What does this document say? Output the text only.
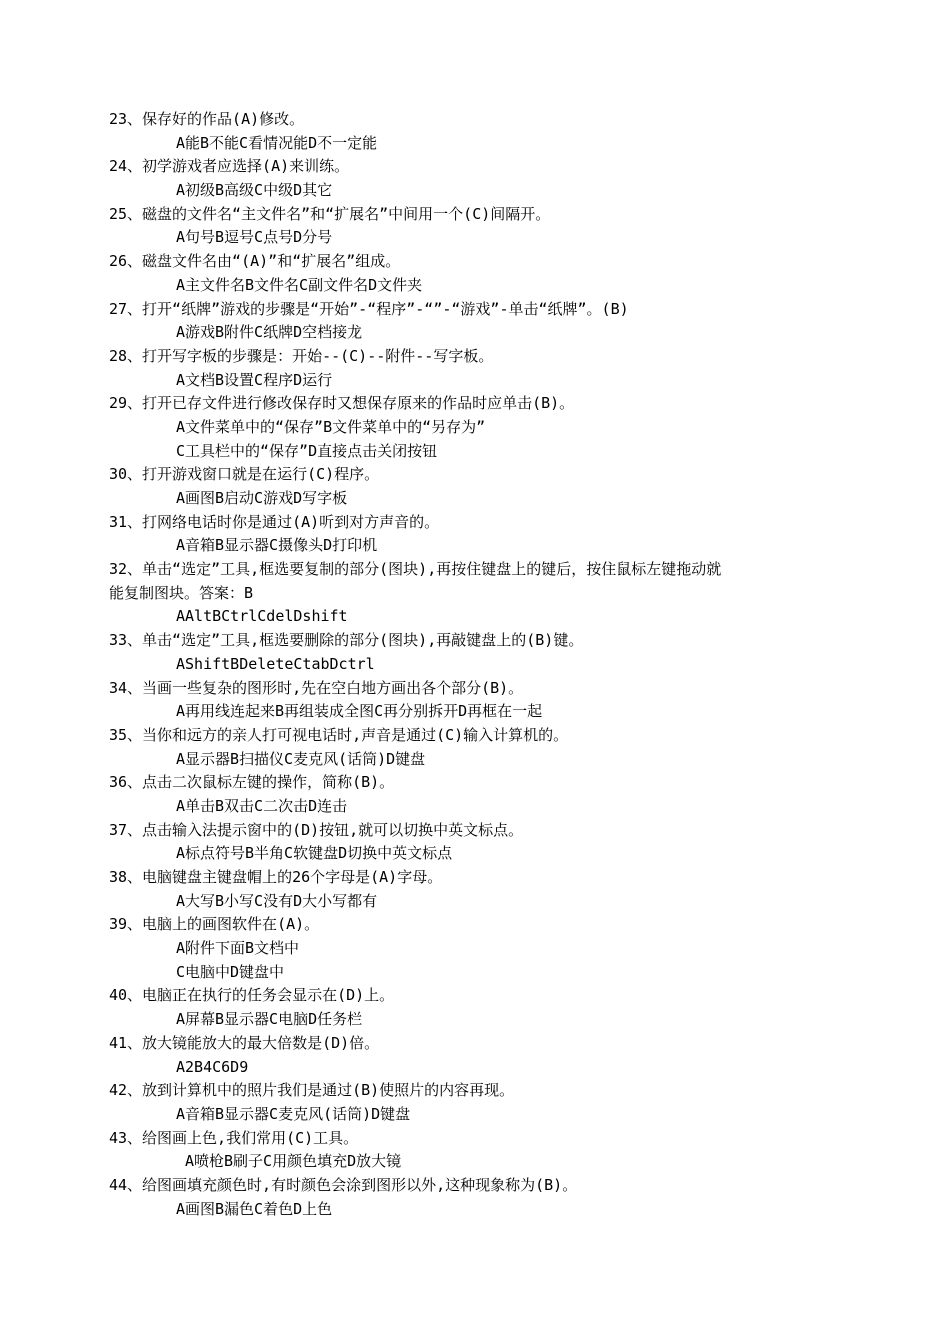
23、保存好的作品(A)修改。
A能B不能C看情况能D不一定能
24、初学游戏者应选择(A)来训练。
A初级B高级C中级D其它
25、磁盘的文件名“主文件名”和“扩展名”中间用一个(C)间隔开。
A句号B逗号C点号D分号
26、磁盘文件名由“(A)”和“扩展名”组成。
A主文件名B文件名C副文件名D文件夹
27、打开“纸牌”游戏的步骤是“开始”-“程序”-“”-“游戏”-单击“纸牌”。(B)
A游戏B附件C纸牌D空档接龙
28、打开写字板的步骤是：开始--(C)--附件--写字板。
A文档B设置C程序D运行
29、打开已存文件进行修改保存时又想保存原来的作品时应单击(B)。
A文件菜单中的“保存”B文件菜单中的“另存为”
C工具栏中的“保存”D直接点击关闭按钮
30、打开游戏窗口就是在运行(C)程序。
A画图B启动C游戏D写字板
31、打网络电话时你是通过(A)听到对方声音的。
A音箱B显示器C摄像头D打印机
32、单击“选定”工具,框选要复制的部分(图块),再按住键盘上的键后，按住鼠标左键拖动就
能复制图块。答案：B
AAltBCtrlCdelDshift
33、单击“选定”工具,框选要删除的部分(图块),再敲键盘上的(B)键。
AShiftBDeleteCtabDctrl
34、当画一些复杂的图形时,先在空白地方画出各个部分(B)。
A再用线连起来B再组装成全图C再分别拆开D再框在一起
35、当你和远方的亲人打可视电话时,声音是通过(C)输入计算机的。
A显示器B扫描仪C麦克风(话筒)D键盘
36、点击二次鼠标左键的操作，简称(B)。
A单击B双击C二次击D连击
37、点击输入法提示窗中的(D)按钮,就可以切换中英文标点。
A标点符号B半角C软键盘D切换中英文标点
38、电脑键盘主键盘帽上的26个字母是(A)字母。
A大写B小写C没有D大小写都有
39、电脑上的画图软件在(A)。
A附件下面B文档中
C电脑中D键盘中
40、电脑正在执行的任务会显示在(D)上。
A屏幕B显示器C电脑D任务栏
41、放大镜能放大的最大倍数是(D)倍。
A2B4C6D9
42、放到计算机中的照片我们是通过(B)使照片的内容再现。
A音箱B显示器C麦克风(话筒)D键盘
43、给图画上色,我们常用(C)工具。
A喷枪B刷子C用颜色填充D放大镜
44、给图画填充颜色时,有时颜色会涂到图形以外,这种现象称为(B)。
A画图B漏色C着色D上色
